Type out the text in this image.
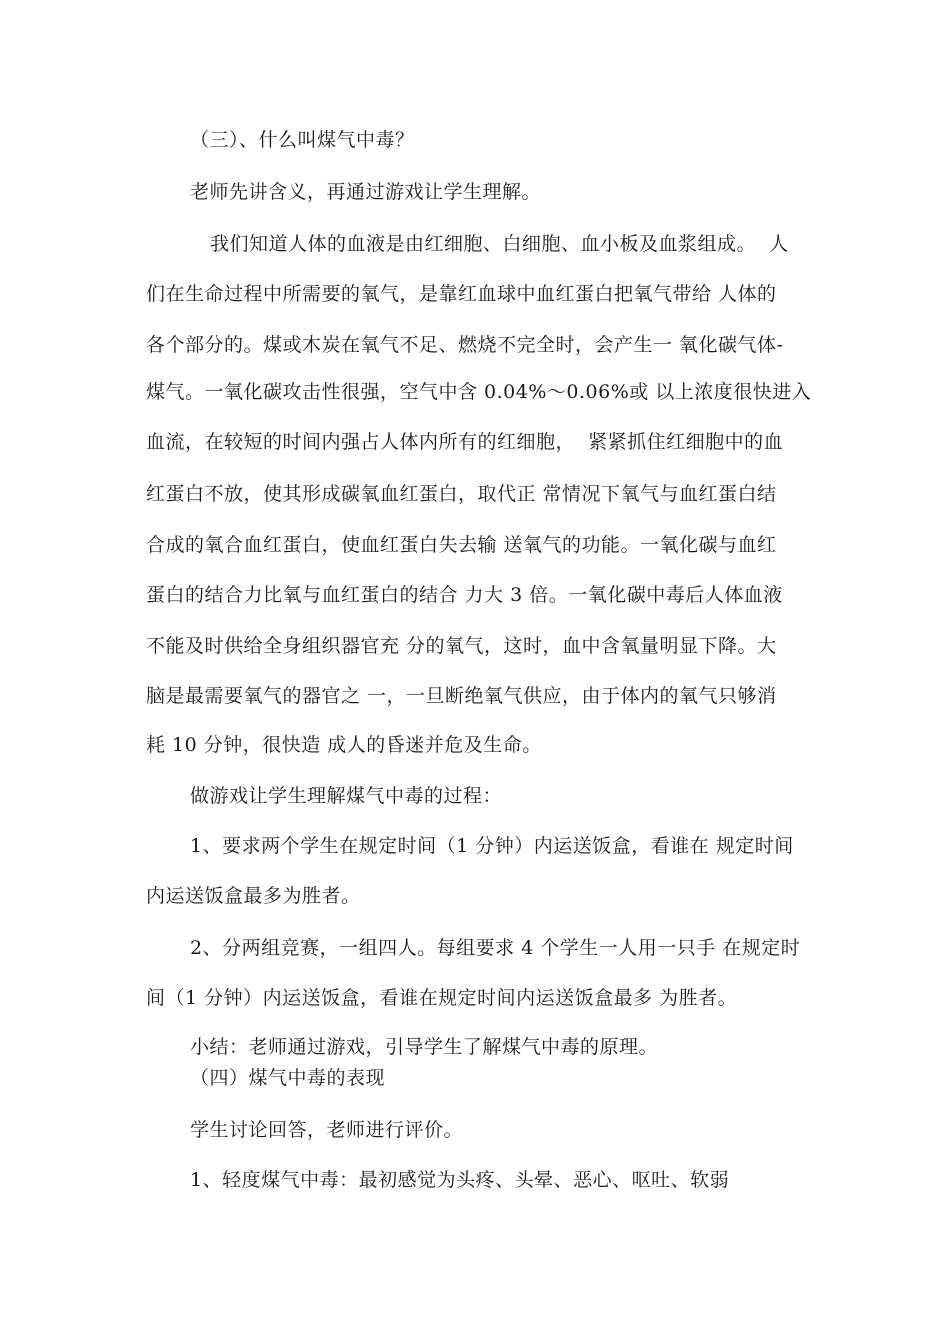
（三）、什么叫煤气中毒？
老师先讲含义，再通过游戏让学生理解。
我们知道人体的血液是由红细胞、白细胞、血小板及血浆组成。  人
们在生命过程中所需要的氧气，是靠红血球中血红蛋白把氧气带给 人体的
各个部分的。煤或木炭在氧气不足、燃烧不完全时，会产生一 氧化碳气体-
煤气。一氧化碳攻击性很强，空气中含 0.04%～0.06%或 以上浓度很快进入
血流，在较短的时间内强占人体内所有的红细胞，  紧紧抓住红细胞中的血
红蛋白不放，使其形成碳氧血红蛋白，取代正 常情况下氧气与血红蛋白结
合成的氧合血红蛋白，使血红蛋白失去输 送氧气的功能。一氧化碳与血红
蛋白的结合力比氧与血红蛋白的结合 力大 3 倍。一氧化碳中毒后人体血液
不能及时供给全身组织器官充 分的氧气，这时，血中含氧量明显下降。大
脑是最需要氧气的器官之 一，一旦断绝氧气供应，由于体内的氧气只够消
耗 10 分钟，很快造 成人的昏迷并危及生命。
做游戏让学生理解煤气中毒的过程：
1、要求两个学生在规定时间（1 分钟）内运送饭盒，看谁在 规定时间
内运送饭盒最多为胜者。
2、分两组竞赛，一组四人。每组要求 4 个学生一人用一只手 在规定时
间（1 分钟）内运送饭盒，看谁在规定时间内运送饭盒最多 为胜者。
小结：老师通过游戏，引导学生了解煤气中毒的原理。
（四）煤气中毒的表现
学生讨论回答，老师进行评价。
1、轻度煤气中毒：最初感觉为头疼、头晕、恶心、呕吐、软弱
